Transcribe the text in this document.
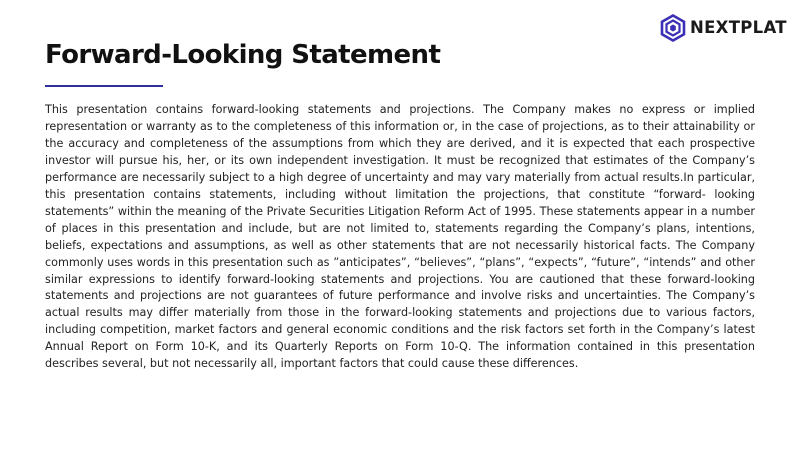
NEXTPLAT
Forward-Looking Statement

This presentation contains forward-looking statements and projections. The Company makes no express or implied representation or warranty as to the completeness of this information or, in the case of projections, as to their attainability or the accuracy and completeness of the assumptions from which they are derived, and it is expected that each prospective investor will pursue his, her, or its own independent investigation. It must be recognized that estimates of the Company’s performance are necessarily subject to a high degree of uncertainty and may vary materially from actual results.In particular, this presentation contains statements, including without limitation the projections, that constitute “forward- looking statements” within the meaning of the Private Securities Litigation Reform Act of 1995. These statements appear in a number of places in this presentation and include, but are not limited to, statements regarding the Company’s plans, intentions, beliefs, expectations and assumptions, as well as other statements that are not necessarily historical facts. The Company commonly uses words in this presentation such as ”anticipates”, “believes”, “plans”, “expects”, “future”, “intends” and other similar expressions to identify forward-looking statements and projections. You are cautioned that these forward-looking statements and projections are not guarantees of future performance and involve risks and uncertainties. The Company’s actual results may differ materially from those in the forward-looking statements and projections due to various factors, including competition, market factors and general economic conditions and the risk factors set forth in the Company’s latest Annual Report on Form 10-K, and its Quarterly Reports on Form 10-Q. The information contained in this presentation describes several, but not necessarily all, important factors that could cause these differences.
